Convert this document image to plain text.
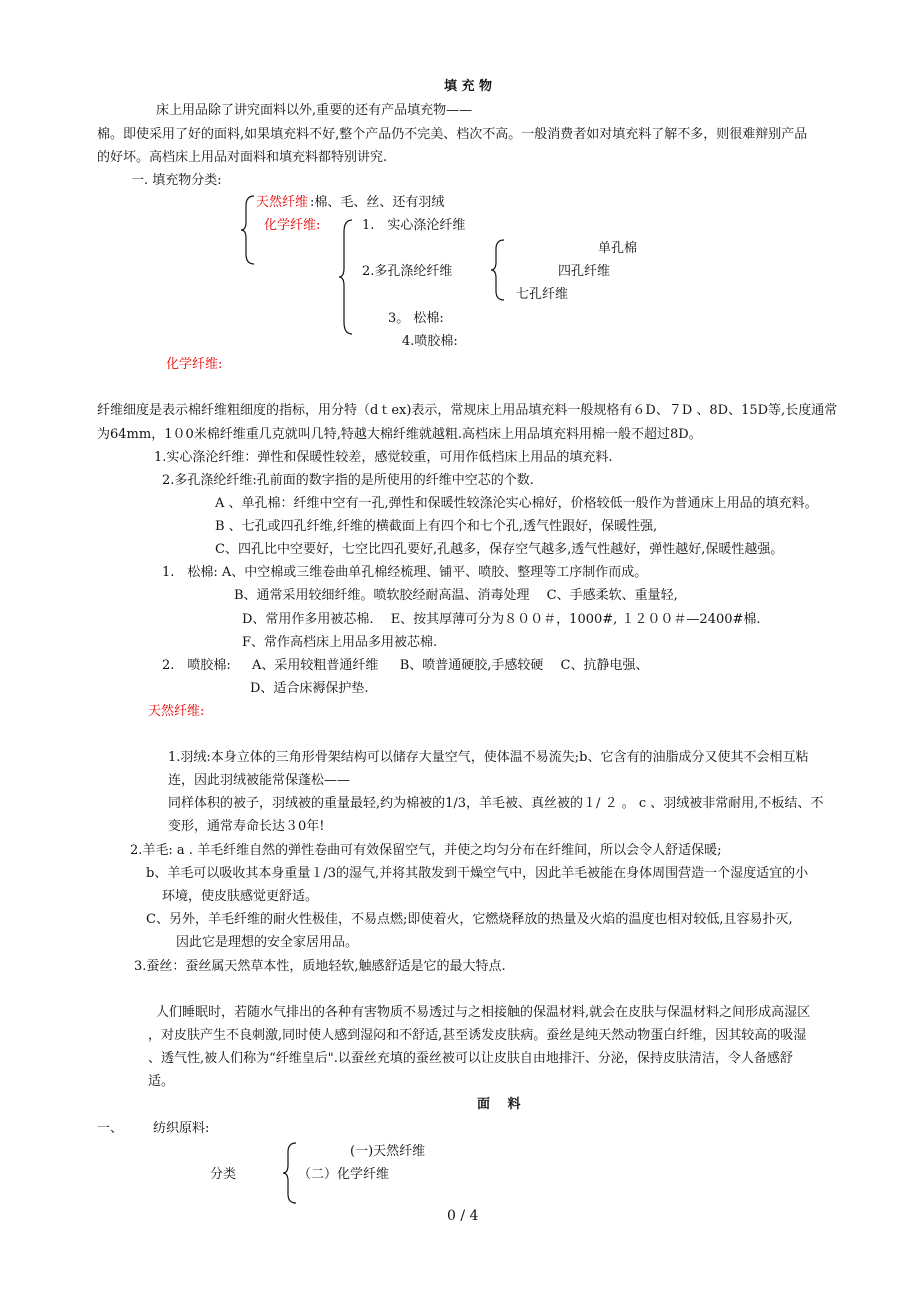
填 充 物
床上用品除了讲究面料以外,重要的还有产品填充物——
棉。即使采用了好的面料,如果填充料不好,整个产品仍不完美、档次不高。一般消费者如对填充料了解不多，则很难辩别产品
的好坏。高档床上用品对面料和填充料都特别讲究.
一. 填充物分类:
天然纤维 :棉、毛、丝、还有羽绒
化学纤维:	1.　实心涤沦纤维
2.多孔涤纶纤维
单孔棉
四孔纤维
七孔纤维
3。 松棉:
4.喷胶棉:
化学纤维:
纤维细度是表示棉纤维粗细度的指标，用分特（dｔex)表示，常规床上用品填充料一般规格有６D、７D 、8D、15D等,长度通常
为64mm，1０0米棉纤维重几克就叫几特,特越大棉纤维就越粗.高档床上用品填充料用棉一般不超过8D。
1.实心涤沦纤维：弹性和保暖性较差，感觉较重，可用作低档床上用品的填充料.
2.多孔涤纶纤维:孔前面的数字指的是所使用的纤维中空芯的个数.
A 、单孔棉：纤维中空有一孔,弹性和保暖性较涤沦实心棉好，价格较低一般作为普通床上用品的填充料。
B 、七孔或四孔纤维,纤维的横截面上有四个和七个孔,透气性跟好，保暖性强,
C、四孔比中空要好，七空比四孔要好,孔越多，保存空气越多,透气性越好，弹性越好,保暖性越强。
1.　松棉: A、中空棉或三维卷曲单孔棉经梳理、铺平、喷胶、整理等工序制作而成。
B、通常采用较细纤维。喷软胶经耐高温、消毒处理　 C、手感柔软、重量轻,
D、常用作多用被芯棉.　 E、按其厚薄可分为８００＃，1000#, １２００＃—2400#棉.
F、常作高档床上用品多用被芯棉.
2.　喷胶棉: 　 A、采用较粗普通纤维 　 B、喷普通硬胶,手感较硬 　C、抗静电强、
D、适合床褥保护垫.
天然纤维:
1.羽绒:本身立体的三角形骨架结构可以储存大量空气，使体温不易流失;b、它含有的油脂成分又使其不会相互粘
连，因此羽绒被能常保蓬松——
同样体积的被子，羽绒被的重量最轻,约为棉被的1/3，羊毛被、真丝被的１/ ２ 。 c 、羽绒被非常耐用,不板结、不
变形，通常寿命长达３0年!
2.羊毛: a . 羊毛纤维自然的弹性卷曲可有效保留空气，并使之均匀分布在纤维间，所以会令人舒适保暖;
b、羊毛可以吸收其本身重量１/3的湿气,并将其散发到干燥空气中，因此羊毛被能在身体周围营造一个湿度适宜的小
环境，使皮肤感觉更舒适。
C、另外，羊毛纤维的耐火性极佳，不易点燃;即使着火，它燃烧释放的热量及火焰的温度也相对较低,且容易扑灭,
因此它是理想的安全家居用品。
3.蚕丝：蚕丝属天然草本性，质地轻软,触感舒适是它的最大特点.
人们睡眠时，若随水气排出的各种有害物质不易透过与之相接触的保温材料,就会在皮肤与保温材料之间形成高湿区
，对皮肤产生不良刺激,同时使人感到湿闷和不舒适,甚至诱发皮肤病。蚕丝是纯天然动物蛋白纤维，因其较高的吸湿
、透气性,被人们称为“纤维皇后".以蚕丝充填的蚕丝被可以让皮肤自由地排汗、分泌，保持皮肤清洁，令人备感舒
适。
面　 料
一、 纺织原料:
分类
(一)天然纤维
（二）化学纤维
0 / 4
